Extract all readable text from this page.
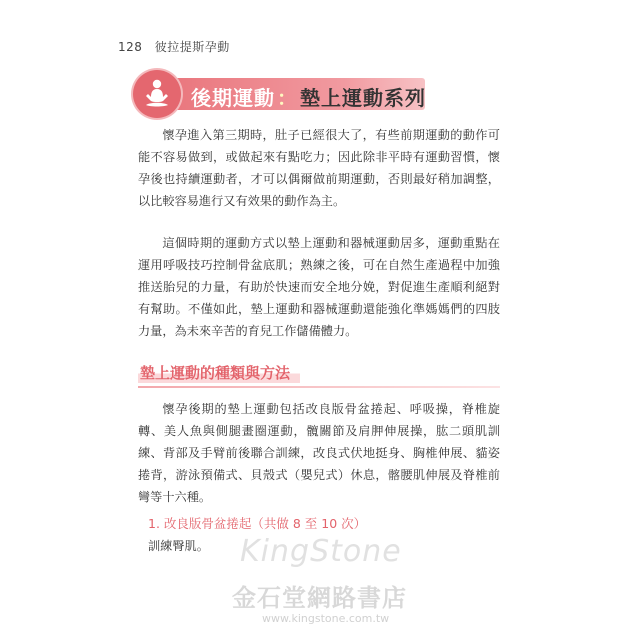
128 彼拉提斯孕動
後期運動 ： 墊上運動系列

懷孕進入第三期時，肚子已經很大了，有些前期運動的動作可能不容易做到，或做起來有點吃力；因此除非平時有運動習慣，懷孕後也持續運動者，才可以偶爾做前期運動，否則最好稍加調整，以比較容易進行又有效果的動作為主。

這個時期的運動方式以墊上運動和器械運動居多，運動重點在運用呼吸技巧控制骨盆底肌；熟練之後，可在自然生產過程中加強推送胎兒的力量，有助於快速而安全地分娩，對促進生產順利絕對有幫助。不僅如此，墊上運動和器械運動還能強化準媽媽們的四肢力量，為未來辛苦的育兒工作儲備體力。

墊上運動的種類與方法

懷孕後期的墊上運動包括改良版骨盆捲起、呼吸操，脊椎旋轉、美人魚與側腿畫圈運動，髖關節及肩胛伸展操，肱二頭肌訓練、背部及手臂前後聯合訓練，改良式伏地挺身、胸椎伸展、貓姿捲背，游泳預備式、貝殼式（嬰兒式）休息，髂腰肌伸展及脊椎前彎等十六種。

1. 改良版骨盆捲起（共做 8 至 10 次）
訓練臀肌。 KingStone
金石堂網路書店
www.kingstone.com.tw
